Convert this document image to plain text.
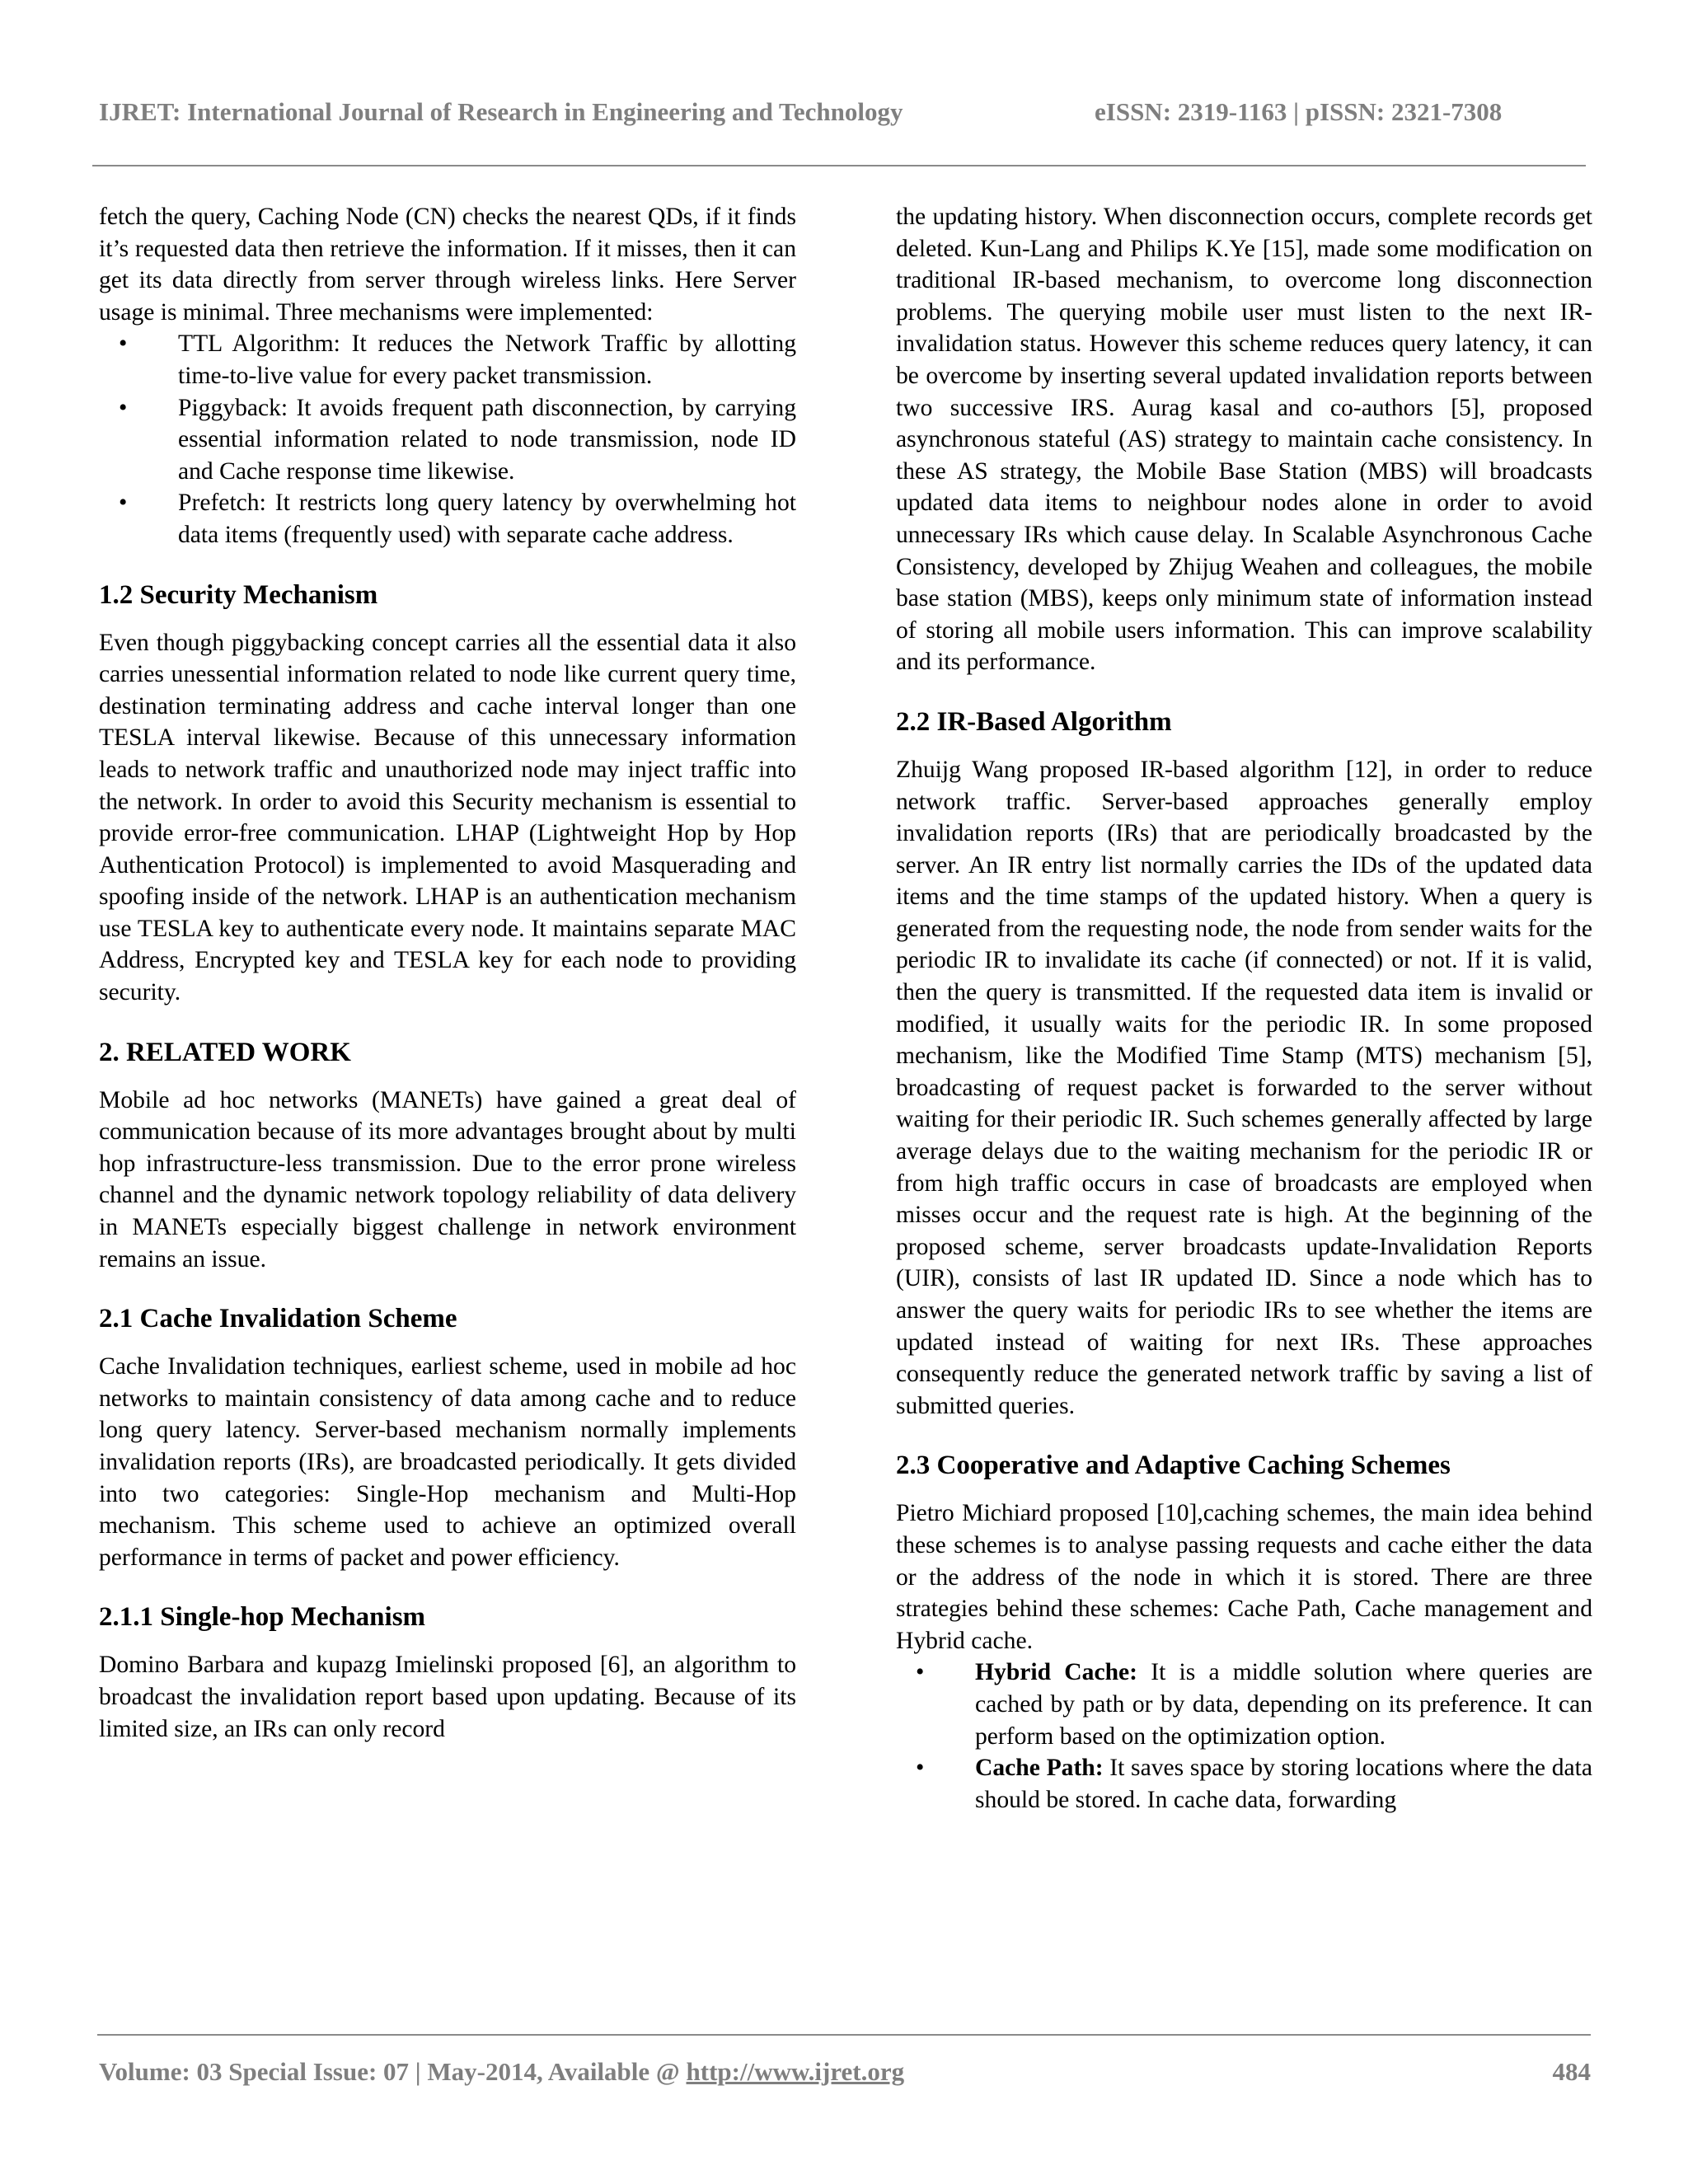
IJRET: International Journal of Research in Engineering and Technology	eISSN: 2319-1163 | pISSN: 2321-7308

fetch the query, Caching Node (CN) checks the nearest QDs, if it finds it’s requested data then retrieve the information. If it misses, then it can get its data directly from server through wireless links. Here Server usage is minimal. Three mechanisms were implemented:

• TTL Algorithm: It reduces the Network Traffic by allotting time-to-live value for every packet transmission.
• Piggyback: It avoids frequent path disconnection, by carrying essential information related to node transmission, node ID and Cache response time likewise.
• Prefetch: It restricts long query latency by overwhelming hot data items (frequently used) with separate cache address.
1.2 Security Mechanism

Even though piggybacking concept carries all the essential data it also carries unessential information related to node like current query time, destination terminating address and cache interval longer than one TESLA interval likewise. Because of this unnecessary information leads to network traffic and unauthorized node may inject traffic into the network. In order to avoid this Security mechanism is essential to provide error-free communication. LHAP (Lightweight Hop by Hop Authentication Protocol) is implemented to avoid Masquerading and spoofing inside of the network. LHAP is an authentication mechanism use TESLA key to authenticate every node. It maintains separate MAC Address, Encrypted key and TESLA key for each node to providing security.

2. RELATED WORK

Mobile ad hoc networks (MANETs) have gained a great deal of communication because of its more advantages brought about by multi hop infrastructure-less transmission. Due to the error prone wireless channel and the dynamic network topology reliability of data delivery in MANETs especially biggest challenge in network environment remains an issue.

2.1 Cache Invalidation Scheme

Cache Invalidation techniques, earliest scheme, used in mobile ad hoc networks to maintain consistency of data among cache and to reduce long query latency. Server-based mechanism normally implements invalidation reports (IRs), are broadcasted periodically. It gets divided into two categories: Single-Hop mechanism and Multi-Hop mechanism. This scheme used to achieve an optimized overall performance in terms of packet and power efficiency.

2.1.1 Single-hop Mechanism

Domino Barbara and kupazg Imielinski proposed [6], an algorithm to broadcast the invalidation report based upon updating. Because of its limited size, an IRs can only record

the updating history. When disconnection occurs, complete records get deleted. Kun-Lang and Philips K.Ye [15], made some modification on traditional IR-based mechanism, to overcome long disconnection problems. The querying mobile user must listen to the next IR-invalidation status. However this scheme reduces query latency, it can be overcome by inserting several updated invalidation reports between two successive IRS. Aurag kasal and co-authors [5], proposed asynchronous stateful (AS) strategy to maintain cache consistency. In these AS strategy, the Mobile Base Station (MBS) will broadcasts updated data items to neighbour nodes alone in order to avoid unnecessary IRs which cause delay. In Scalable Asynchronous Cache Consistency, developed by Zhijug Weahen and colleagues, the mobile base station (MBS), keeps only minimum state of information instead of storing all mobile users information. This can improve scalability and its performance.

2.2 IR-Based Algorithm

Zhuijg Wang proposed IR-based algorithm [12], in order to reduce network traffic. Server-based approaches generally employ invalidation reports (IRs) that are periodically broadcasted by the server. An IR entry list normally carries the IDs of the updated data items and the time stamps of the updated history. When a query is generated from the requesting node, the node from sender waits for the periodic IR to invalidate its cache (if connected) or not. If it is valid, then the query is transmitted. If the requested data item is invalid or modified, it usually waits for the periodic IR. In some proposed mechanism, like the Modified Time Stamp (MTS) mechanism [5], broadcasting of request packet is forwarded to the server without waiting for their periodic IR. Such schemes generally affected by large average delays due to the waiting mechanism for the periodic IR or from high traffic occurs in case of broadcasts are employed when misses occur and the request rate is high. At the beginning of the proposed scheme, server broadcasts update-Invalidation Reports (UIR), consists of last IR updated ID. Since a node which has to answer the query waits for periodic IRs to see whether the items are updated instead of waiting for next IRs. These approaches consequently reduce the generated network traffic by saving a list of submitted queries.

2.3 Cooperative and Adaptive Caching Schemes

Pietro Michiard proposed [10],caching schemes, the main idea behind these schemes is to analyse passing requests and cache either the data or the address of the node in which it is stored. There are three strategies behind these schemes: Cache Path, Cache management and Hybrid cache.

• Hybrid Cache: It is a middle solution where queries are cached by path or by data, depending on its preference. It can perform based on the optimization option.
• Cache Path: It saves space by storing locations where the data should be stored. In cache data, forwarding
Volume: 03 Special Issue: 07 | May-2014, Available @ http://www.ijret.org	484
